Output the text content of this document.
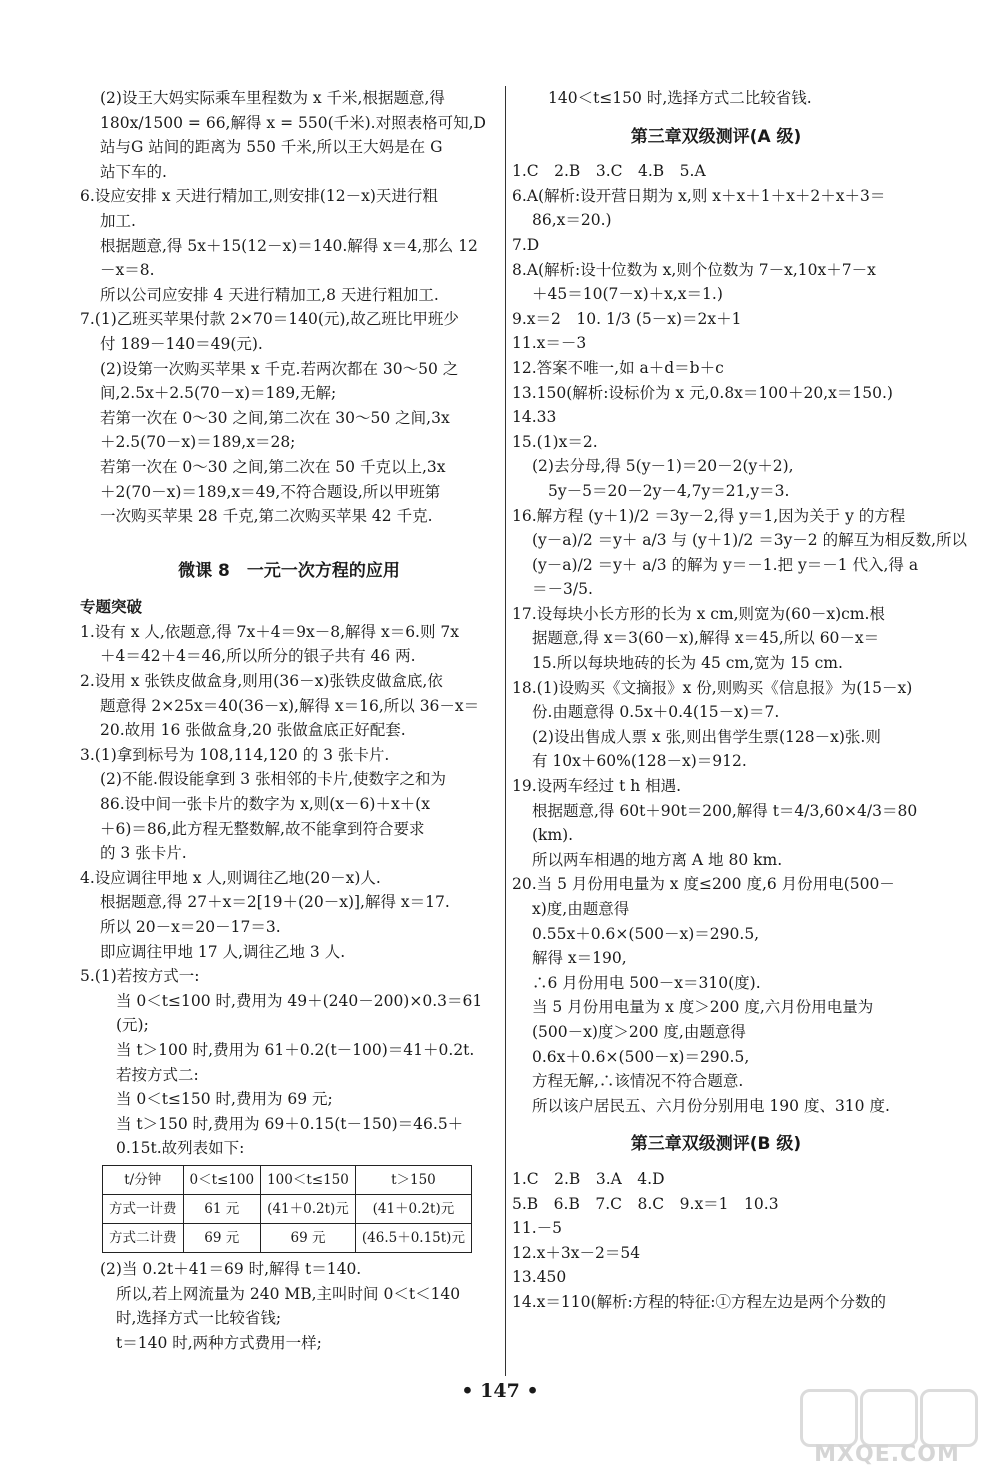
(2)设王大妈实际乘车里程数为 x 千米,根据题意,得
180x/1500 = 66,解得 x = 550(千米).对照表格可知,D
站与G 站间的距离为 550 千米,所以王大妈是在 G
站下车的.
6.设应安排 x 天进行精加工,则安排(12－x)天进行粗
加工.
根据题意,得 5x＋15(12－x)＝140.解得 x＝4,那么 12
－x＝8.
所以公司应安排 4 天进行精加工,8 天进行粗加工.
7.(1)乙班买苹果付款 2×70＝140(元),故乙班比甲班少
付 189－140＝49(元).
(2)设第一次购买苹果 x 千克.若两次都在 30～50 之
间,2.5x＋2.5(70－x)＝189,无解;
若第一次在 0～30 之间,第二次在 30～50 之间,3x
＋2.5(70－x)＝189,x＝28;
若第一次在 0～30 之间,第二次在 50 千克以上,3x
＋2(70－x)＝189,x＝49,不符合题设,所以甲班第
一次购买苹果 28 千克,第二次购买苹果 42 千克.
微课 8　一元一次方程的应用
专题突破
1.设有 x 人,依题意,得 7x＋4＝9x－8,解得 x＝6.则 7x
＋4＝42＋4＝46,所以所分的银子共有 46 两.
2.设用 x 张铁皮做盒身,则用(36－x)张铁皮做盒底,依
题意得 2×25x＝40(36－x),解得 x＝16,所以 36－x＝
20.故用 16 张做盒身,20 张做盒底正好配套.
3.(1)拿到标号为 108,114,120 的 3 张卡片.
(2)不能.假设能拿到 3 张相邻的卡片,使数字之和为
86.设中间一张卡片的数字为 x,则(x－6)＋x＋(x
＋6)＝86,此方程无整数解,故不能拿到符合要求
的 3 张卡片.
4.设应调往甲地 x 人,则调往乙地(20－x)人.
根据题意,得 27＋x＝2[19＋(20－x)],解得 x＝17.
所以 20－x＝20－17＝3.
即应调往甲地 17 人,调往乙地 3 人.
5.(1)若按方式一:
当 0＜t≤100 时,费用为 49＋(240－200)×0.3＝61
(元);
当 t＞100 时,费用为 61＋0.2(t－100)＝41＋0.2t.
若按方式二:
当 0＜t≤150 时,费用为 69 元;
当 t＞150 时,费用为 69＋0.15(t－150)＝46.5＋
0.15t.故列表如下:
t/分钟	0＜t≤100	100＜t≤150	t＞150
方式一计费	61 元	(41＋0.2t)元	(41＋0.2t)元
方式二计费	69 元	69 元	(46.5＋0.15t)元
(2)当 0.2t＋41＝69 时,解得 t＝140.
所以,若上网流量为 240 MB,主叫时间 0＜t＜140
时,选择方式一比较省钱;
t＝140 时,两种方式费用一样;
140＜t≤150 时,选择方式二比较省钱.
第三章双级测评(A 级)
1.C　2.B　3.C　4.B　5.A
6.A(解析:设开营日期为 x,则 x＋x＋1＋x＋2＋x＋3＝
86,x＝20.)
7.D
8.A(解析:设十位数为 x,则个位数为 7－x,10x＋7－x
＋45＝10(7－x)＋x,x＝1.)
9.x＝2　10. 1/3 (5－x)＝2x＋1
11.x＝－3
12.答案不唯一,如 a＋d＝b＋c
13.150(解析:设标价为 x 元,0.8x＝100＋20,x＝150.)
14.33
15.(1)x＝2.
(2)去分母,得 5(y－1)＝20－2(y＋2),
5y－5＝20－2y－4,7y＝21,y＝3.
16.解方程 (y＋1)/2 ＝3y－2,得 y＝1,因为关于 y 的方程
(y－a)/2 ＝y＋ a/3 与 (y＋1)/2 ＝3y－2 的解互为相反数,所以
(y－a)/2 ＝y＋ a/3 的解为 y＝－1.把 y＝－1 代入,得 a
＝－3/5.
17.设每块小长方形的长为 x cm,则宽为(60－x)cm.根
据题意,得 x＝3(60－x),解得 x＝45,所以 60－x＝
15.所以每块地砖的长为 45 cm,宽为 15 cm.
18.(1)设购买《文摘报》x 份,则购买《信息报》为(15－x)
份.由题意得 0.5x＋0.4(15－x)＝7.
(2)设出售成人票 x 张,则出售学生票(128－x)张.则
有 10x＋60%(128－x)＝912.
19.设两车经过 t h 相遇.
根据题意,得 60t＋90t＝200,解得 t＝4/3,60×4/3＝80
(km).
所以两车相遇的地方离 A 地 80 km.
20.当 5 月份用电量为 x 度≤200 度,6 月份用电(500－
x)度,由题意得
0.55x＋0.6×(500－x)＝290.5,
解得 x＝190,
∴6 月份用电 500－x＝310(度).
当 5 月份用电量为 x 度＞200 度,六月份用电量为
(500－x)度＞200 度,由题意得
0.6x＋0.6×(500－x)＝290.5,
方程无解,∴该情况不符合题意.
所以该户居民五、六月份分别用电 190 度、310 度.
第三章双级测评(B 级)
1.C　2.B　3.A　4.D
5.B　6.B　7.C　8.C　9.x＝1　10.3
11.－5
12.x＋3x－2＝54
13.450
14.x＝110(解析:方程的特征:①方程左边是两个分数的
• 147 •
MXQE.COM
